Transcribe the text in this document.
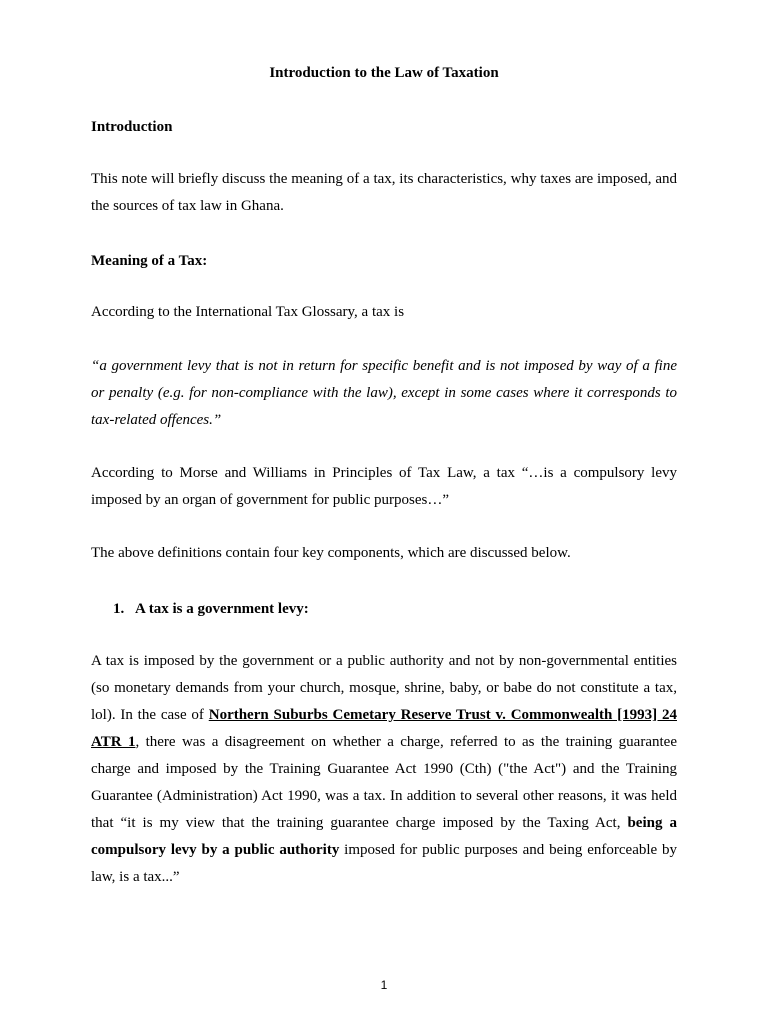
Introduction to the Law of Taxation
Introduction

This note will briefly discuss the meaning of a tax, its characteristics, why taxes are imposed, and the sources of tax law in Ghana.

Meaning of a Tax:

According to the International Tax Glossary, a tax is

“a government levy that is not in return for specific benefit and is not imposed by way of a fine or penalty (e.g. for non-compliance with the law), except in some cases where it corresponds to tax-related offences.”

According to Morse and Williams in Principles of Tax Law, a tax “…is a compulsory levy imposed by an organ of government for public purposes…”

The above definitions contain four key components, which are discussed below.

1. A tax is a government levy:

A tax is imposed by the government or a public authority and not by non-governmental entities (so monetary demands from your church, mosque, shrine, baby, or babe do not constitute a tax, lol). In the case of Northern Suburbs Cemetary Reserve Trust v. Commonwealth [1993] 24 ATR 1, there was a disagreement on whether a charge, referred to as the training guarantee charge and imposed by the Training Guarantee Act 1990 (Cth) ("the Act") and the Training Guarantee (Administration) Act 1990, was a tax. In addition to several other reasons, it was held that “it is my view that the training guarantee charge imposed by the Taxing Act, being a compulsory levy by a public authority imposed for public purposes and being enforceable by law, is a tax...”

1
